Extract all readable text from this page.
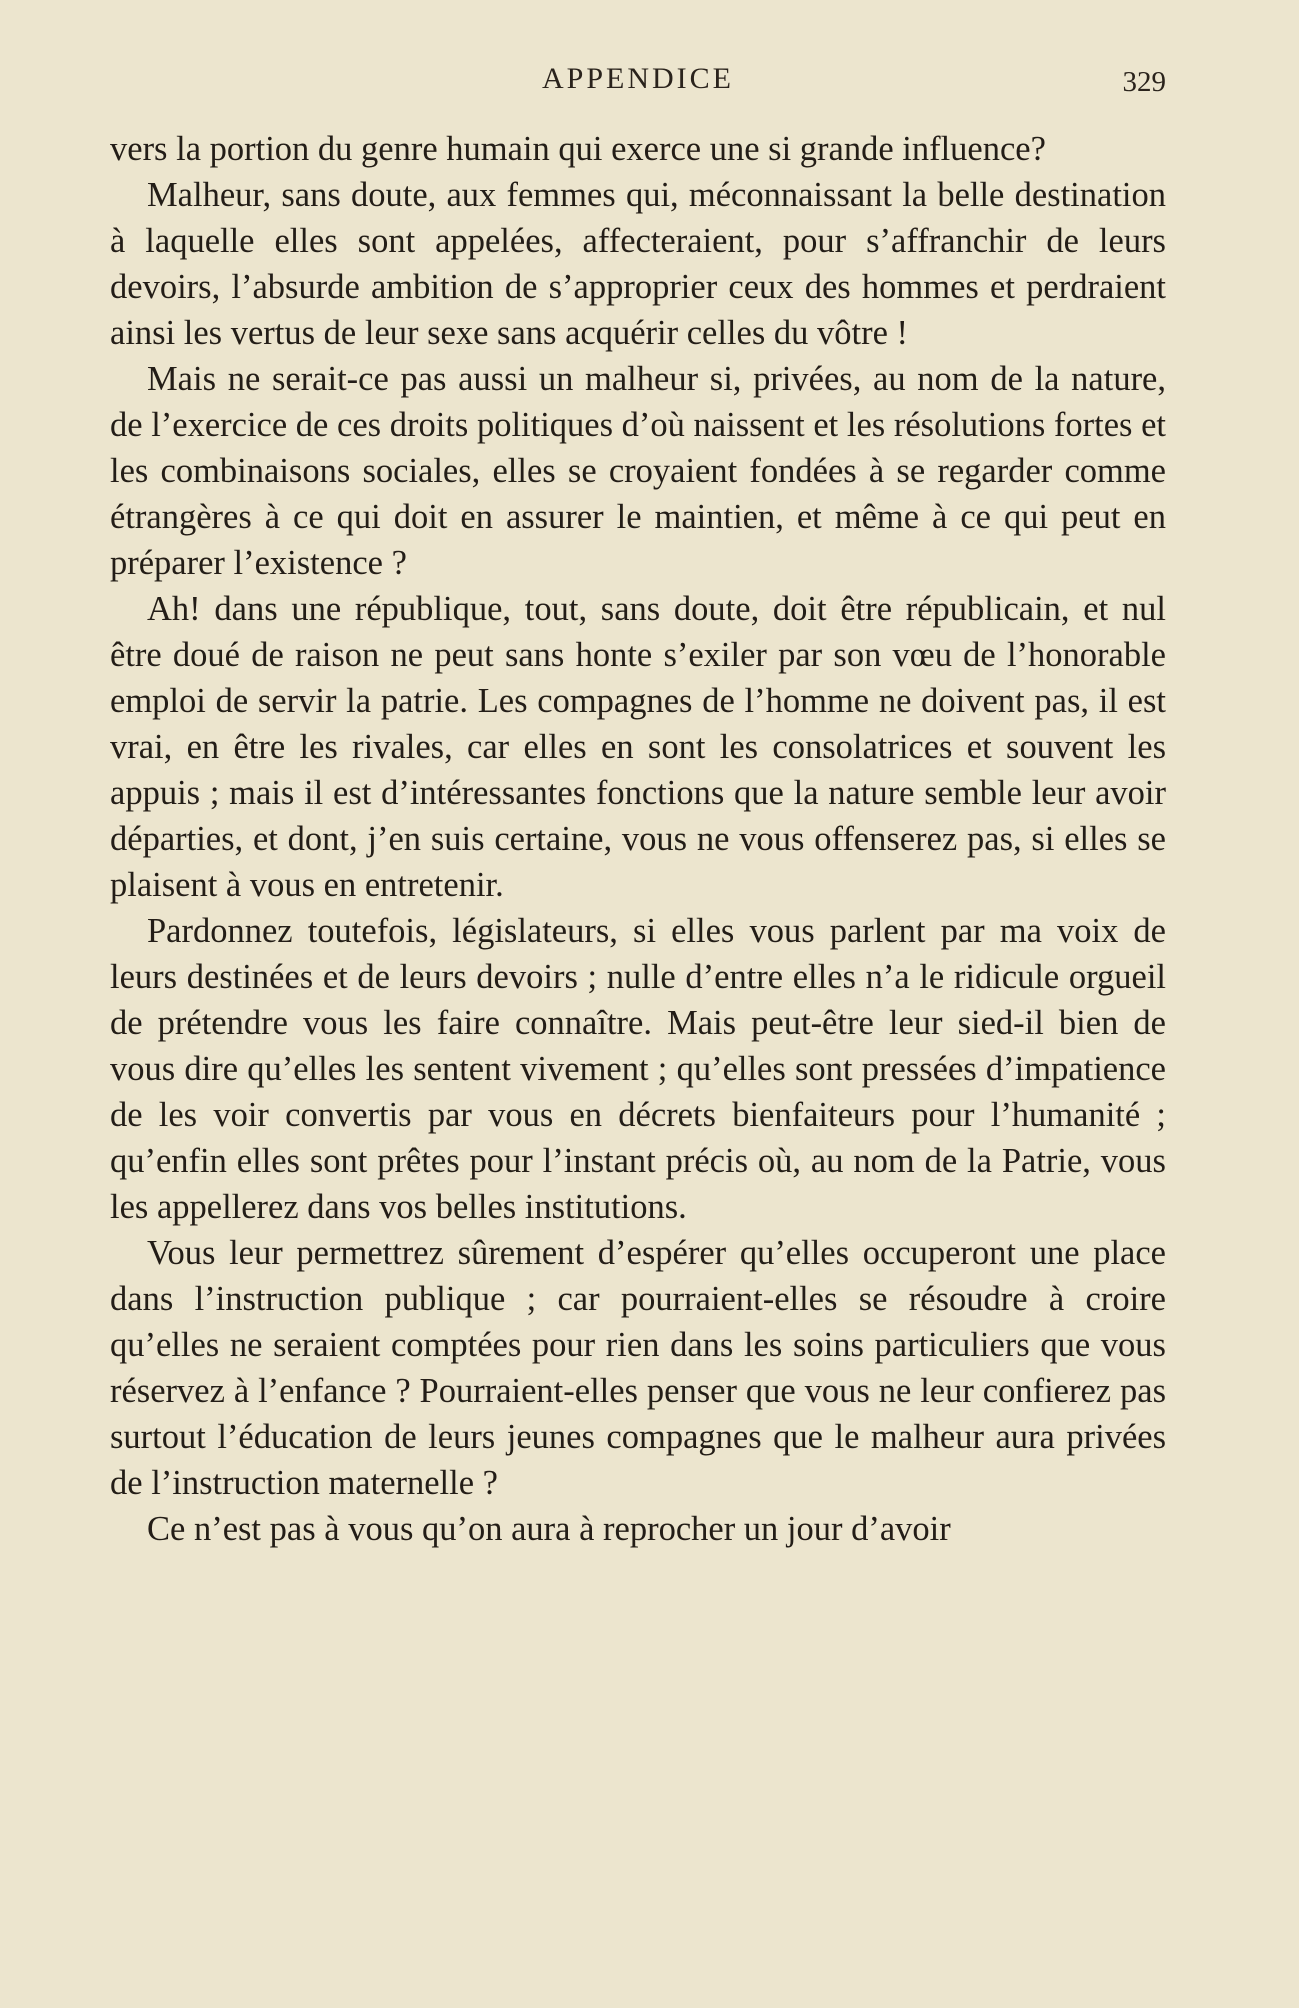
APPENDICE	329

vers la portion du genre humain qui exerce une si grande influence?

Malheur, sans doute, aux femmes qui, méconnaissant la belle destination à laquelle elles sont appelées, affecteraient, pour s’affranchir de leurs devoirs, l’absurde ambition de s’approprier ceux des hommes et perdraient ainsi les vertus de leur sexe sans acquérir celles du vôtre !

Mais ne serait-ce pas aussi un malheur si, privées, au nom de la nature, de l’exercice de ces droits politiques d’où naissent et les résolutions fortes et les combinaisons sociales, elles se croyaient fondées à se regarder comme étrangères à ce qui doit en assurer le maintien, et même à ce qui peut en préparer l’existence ?

Ah! dans une république, tout, sans doute, doit être républicain, et nul être doué de raison ne peut sans honte s’exiler par son vœu de l’honorable emploi de servir la patrie. Les compagnes de l’homme ne doivent pas, il est vrai, en être les rivales, car elles en sont les consolatrices et souvent les appuis ; mais il est d’intéressantes fonctions que la nature semble leur avoir départies, et dont, j’en suis certaine, vous ne vous offenserez pas, si elles se plaisent à vous en entretenir.

Pardonnez toutefois, législateurs, si elles vous parlent par ma voix de leurs destinées et de leurs devoirs ; nulle d’entre elles n’a le ridicule orgueil de prétendre vous les faire connaître. Mais peut-être leur sied-il bien de vous dire qu’elles les sentent vivement ; qu’elles sont pressées d’impatience de les voir convertis par vous en décrets bienfaiteurs pour l’humanité ; qu’enfin elles sont prêtes pour l’instant précis où, au nom de la Patrie, vous les appellerez dans vos belles institutions.

Vous leur permettrez sûrement d’espérer qu’elles occuperont une place dans l’instruction publique ; car pourraient-elles se résoudre à croire qu’elles ne seraient comptées pour rien dans les soins particuliers que vous réservez à l’enfance ? Pourraient-elles penser que vous ne leur confierez pas surtout l’éducation de leurs jeunes compagnes que le malheur aura privées de l’instruction maternelle ?

Ce n’est pas à vous qu’on aura à reprocher un jour d’avoir
